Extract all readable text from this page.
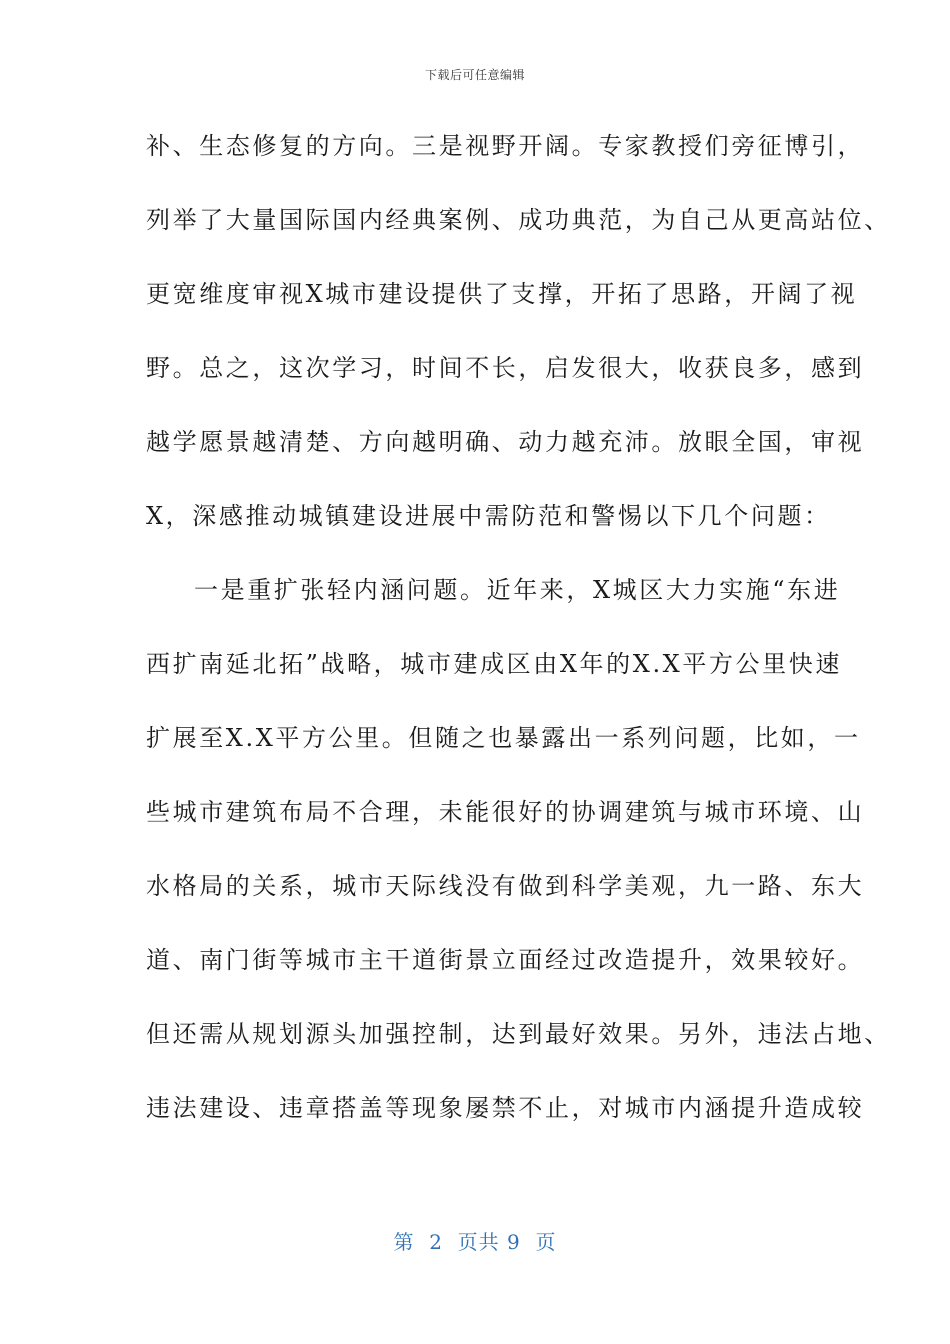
下载后可任意编辑
补、生态修复的方向。三是视野开阔。专家教授们旁征博引，
列举了大量国际国内经典案例、成功典范，为自己从更高站位、
更宽维度审视X城市建设提供了支撑，开拓了思路，开阔了视
野。总之，这次学习，时间不长，启发很大，收获良多，感到
越学愿景越清楚、方向越明确、动力越充沛。放眼全国，审视
X，深感推动城镇建设进展中需防范和警惕以下几个问题：
一是重扩张轻内涵问题。近年来，X城区大力实施“东进
西扩南延北拓”战略，城市建成区由X年的X.X平方公里快速
扩展至X.X平方公里。但随之也暴露出一系列问题，比如，一
些城市建筑布局不合理，未能很好的协调建筑与城市环境、山
水格局的关系，城市天际线没有做到科学美观，九一路、东大
道、南门街等城市主干道街景立面经过改造提升，效果较好。
但还需从规划源头加强控制，达到最好效果。另外，违法占地、
违法建设、违章搭盖等现象屡禁不止，对城市内涵提升造成较
第  2  页共 9  页
